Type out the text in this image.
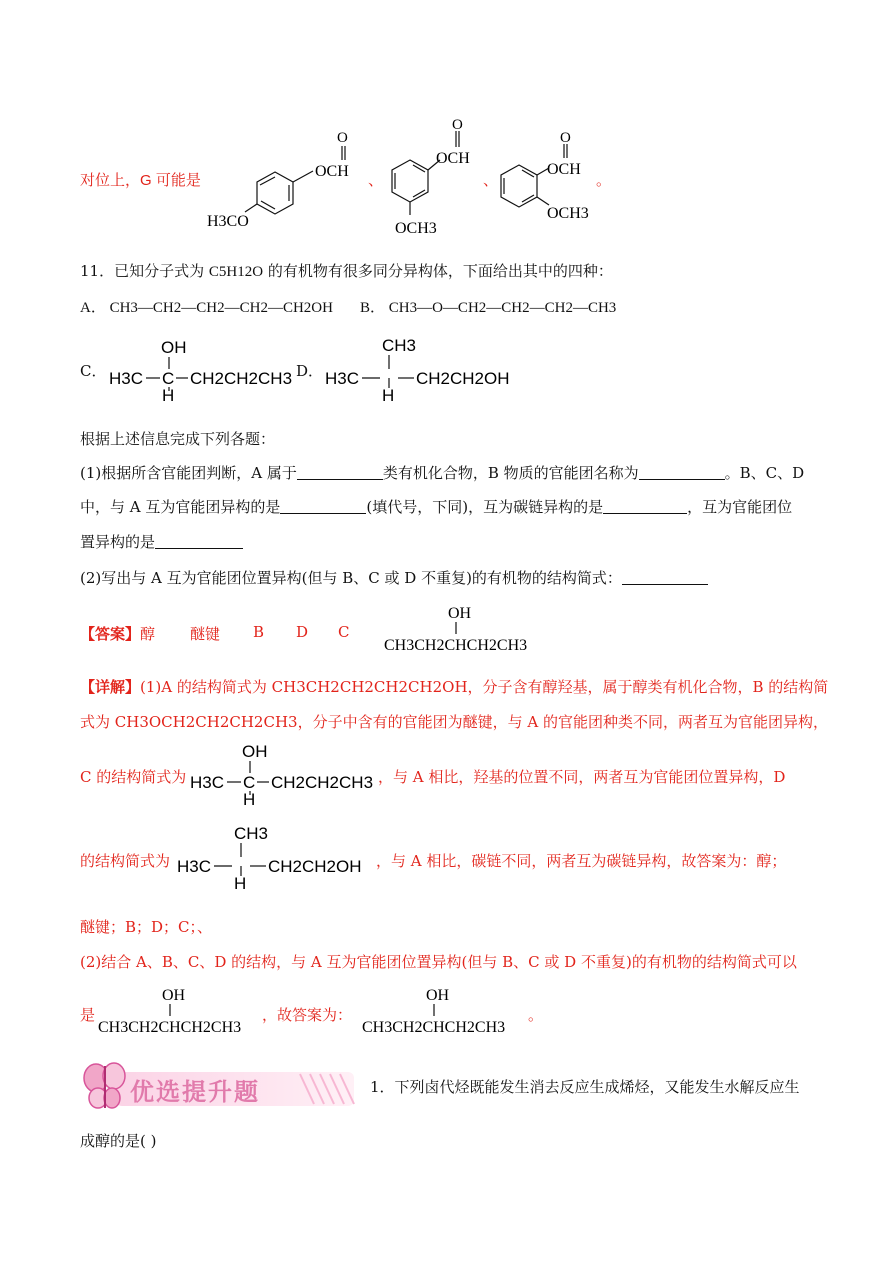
对位上，G 可能是
O
OCH
H3CO
、
O
OCH
OCH3
、
O
OCH
OCH3
。
11．已知分子式为 C5H12O 的有机物有很多同分异构体，下面给出其中的四种：
A． CH3—CH2—CH2—CH2—CH2OH B． CH3—O—CH2—CH2—CH2—CH3
C．
OH
H3C C CH2CH2CH3
H
D．
CH3
H3C	CH2CH2OH
H
根据上述信息完成下列各题：
(1)根据所含官能团判断，A 属于	类有机化合物，B 物质的官能团名称为	。B、C、D
中，与 A 互为官能团异构的是	(填代号，下同)，互为碳链异构的是	，互为官能团位
置异构的是
(2)写出与 A 互为官能团位置异构(但与 B、C 或 D 不重复)的有机物的结构简式：
【答案】醇 醚键 B D C
OH
CH3CH2CHCH2CH3
【详解】(1)A 的结构简式为 CH3CH2CH2CH2CH2OH，分子含有醇羟基，属于醇类有机化合物，B 的结构简
式为 CH3OCH2CH2CH2CH3，分子中含有的官能团为醚键，与 A 的官能团种类不同，两者互为官能团异构，
C 的结构简式为
OH
H3C C CH2CH2CH3
H
，与 A 相比，羟基的位置不同，两者互为官能团位置异构，D
的结构简式为
CH3
H3C	CH2CH2OH
H
，与 A 相比，碳链不同，两者互为碳链异构，故答案为：醇；
醚键；B；D；C；、
(2)结合 A、B、C、D 的结构，与 A 互为官能团位置异构(但与 B、C 或 D 不重复)的有机物的结构简式可以
是
OH
CH3CH2CHCH2CH3
，故答案为：
OH
CH3CH2CHCH2CH3
。
优选提升题	1．下列卤代烃既能发生消去反应生成烯烃，又能发生水解反应生
成醇的是( )
